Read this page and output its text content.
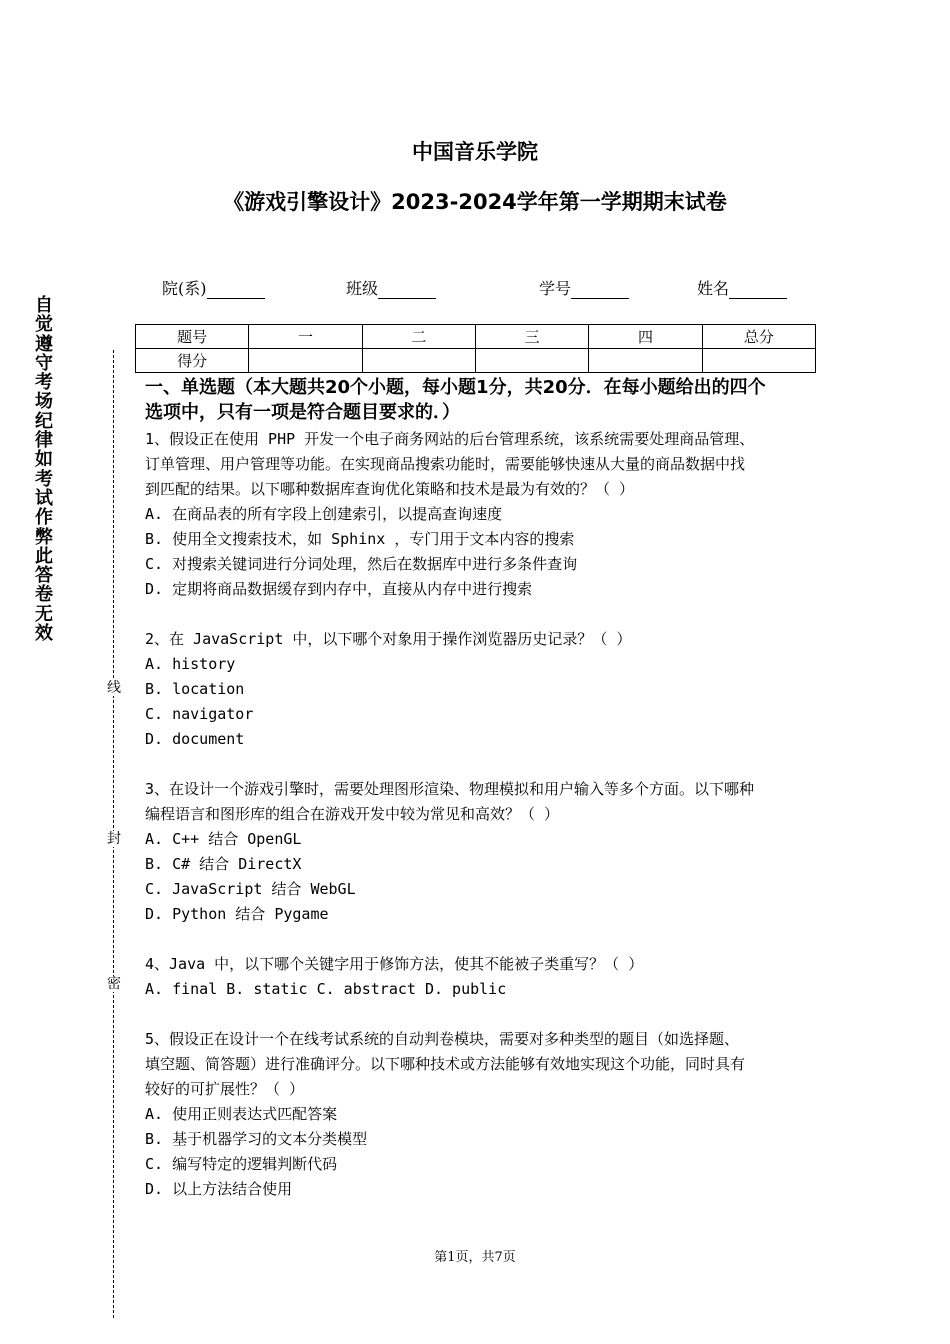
中国音乐学院
《游戏引擎设计》2023-2024学年第一学期期末试卷
院(系)	班级	学号	姓名
题号	一	二	三	四	总分
得分					
自
觉
遵
守
考
场
纪
律
如
考
试
作
弊
此
答
卷
无
效
线
封
密
一、单选题（本大题共20个小题，每小题1分，共20分．在每小题给出的四个
选项中，只有一项是符合题目要求的．）

1、假设正在使用 PHP 开发一个电子商务网站的后台管理系统，该系统需要处理商品管理、

订单管理、用户管理等功能。在实现商品搜索功能时，需要能够快速从大量的商品数据中找

到匹配的结果。以下哪种数据库查询优化策略和技术是最为有效的？（ ）

A. 在商品表的所有字段上创建索引，以提高查询速度

B. 使用全文搜索技术，如 Sphinx ，专门用于文本内容的搜索

C. 对搜索关键词进行分词处理，然后在数据库中进行多条件查询

D. 定期将商品数据缓存到内存中，直接从内存中进行搜索

2、在 JavaScript 中，以下哪个对象用于操作浏览器历史记录？（ ）

A. history

B. location

C. navigator

D. document

3、在设计一个游戏引擎时，需要处理图形渲染、物理模拟和用户输入等多个方面。以下哪种

编程语言和图形库的组合在游戏开发中较为常见和高效？（ ）

A. C++ 结合 OpenGL

B. C# 结合 DirectX

C. JavaScript 结合 WebGL

D. Python 结合 Pygame

4、Java 中，以下哪个关键字用于修饰方法，使其不能被子类重写？（ ）

A. final B. static C. abstract D. public

5、假设正在设计一个在线考试系统的自动判卷模块，需要对多种类型的题目（如选择题、

填空题、简答题）进行准确评分。以下哪种技术或方法能够有效地实现这个功能，同时具有

较好的可扩展性？（ ）

A. 使用正则表达式匹配答案

B. 基于机器学习的文本分类模型

C. 编写特定的逻辑判断代码

D. 以上方法结合使用

第1页，共7页
